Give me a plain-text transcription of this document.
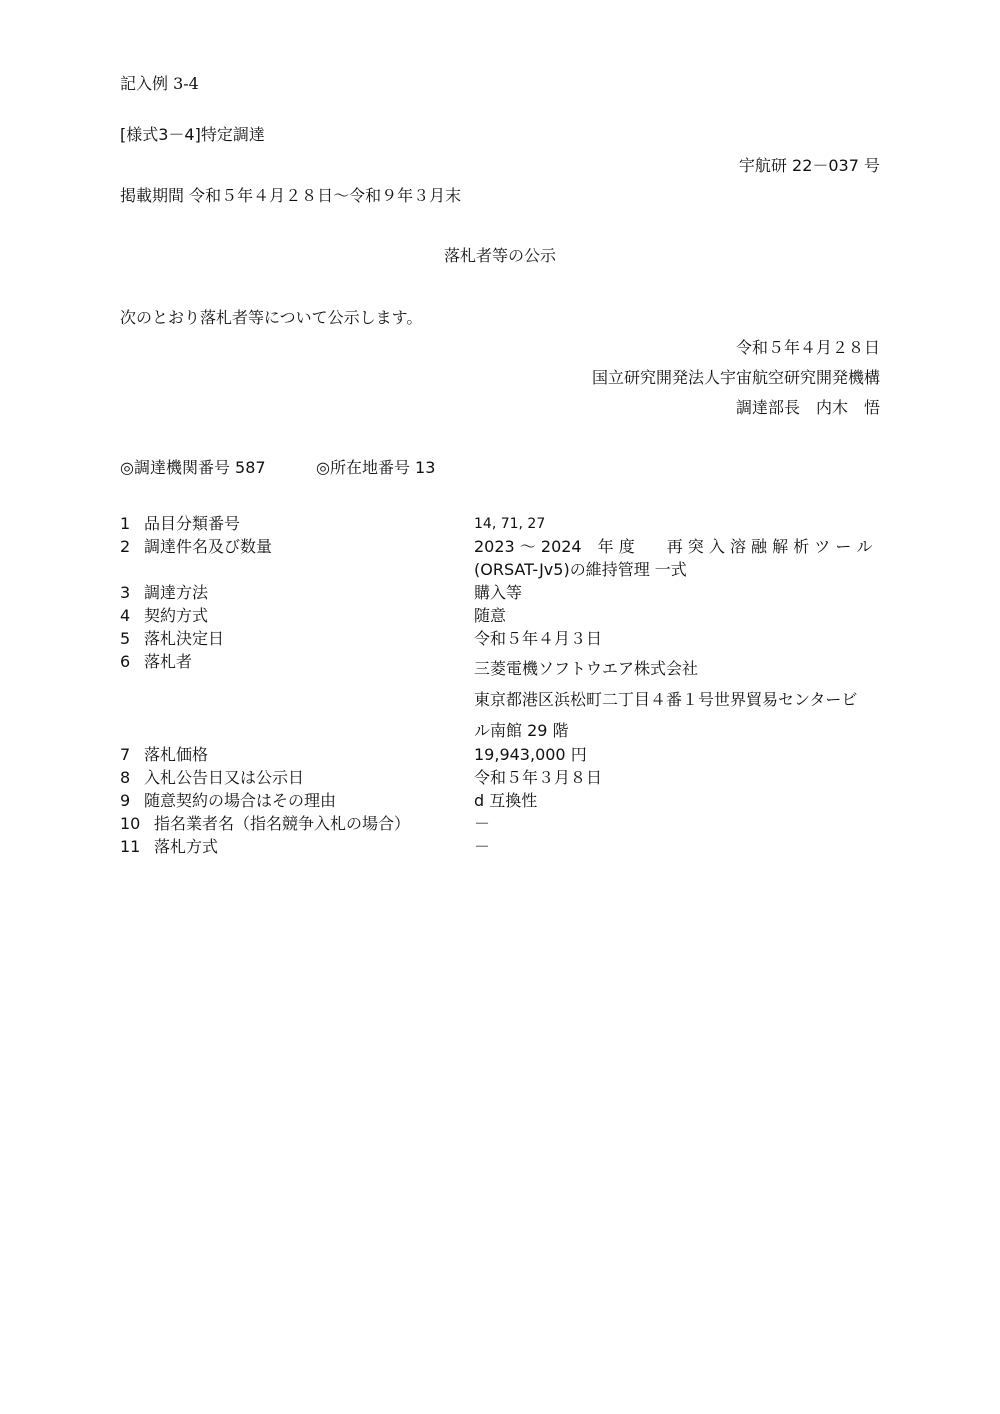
記入例 3-4
[様式3－4]特定調達
宇航研 22－037 号
掲載期間 令和５年４月２８日～令和９年３月末
落札者等の公示
次のとおり落札者等について公示します。
令和５年４月２８日
国立研究開発法人宇宙航空研究開発機構
調達部長　内木　悟
◎調達機関番号 587	◎所在地番号 13
1 品目分類番号	14, 71, 27
2 調達件名及び数量	2023 ～ 2024　年 度　　再 突 入 溶 融 解 析 ツ ー ル
(ORSAT-Jv5)の維持管理 一式
3 調達方法	購入等
4 契約方式	随意
5 落札決定日	令和５年４月３日
6 落札者	三菱電機ソフトウエア株式会社
東京都港区浜松町二丁目４番１号世界貿易センタービ
ル南館 29 階
7 落札価格	19,943,000 円
8 入札公告日又は公示日	令和５年３月８日
9 随意契約の場合はその理由	d 互換性
10 指名業者名（指名競争入札の場合）	－
11 落札方式	－
